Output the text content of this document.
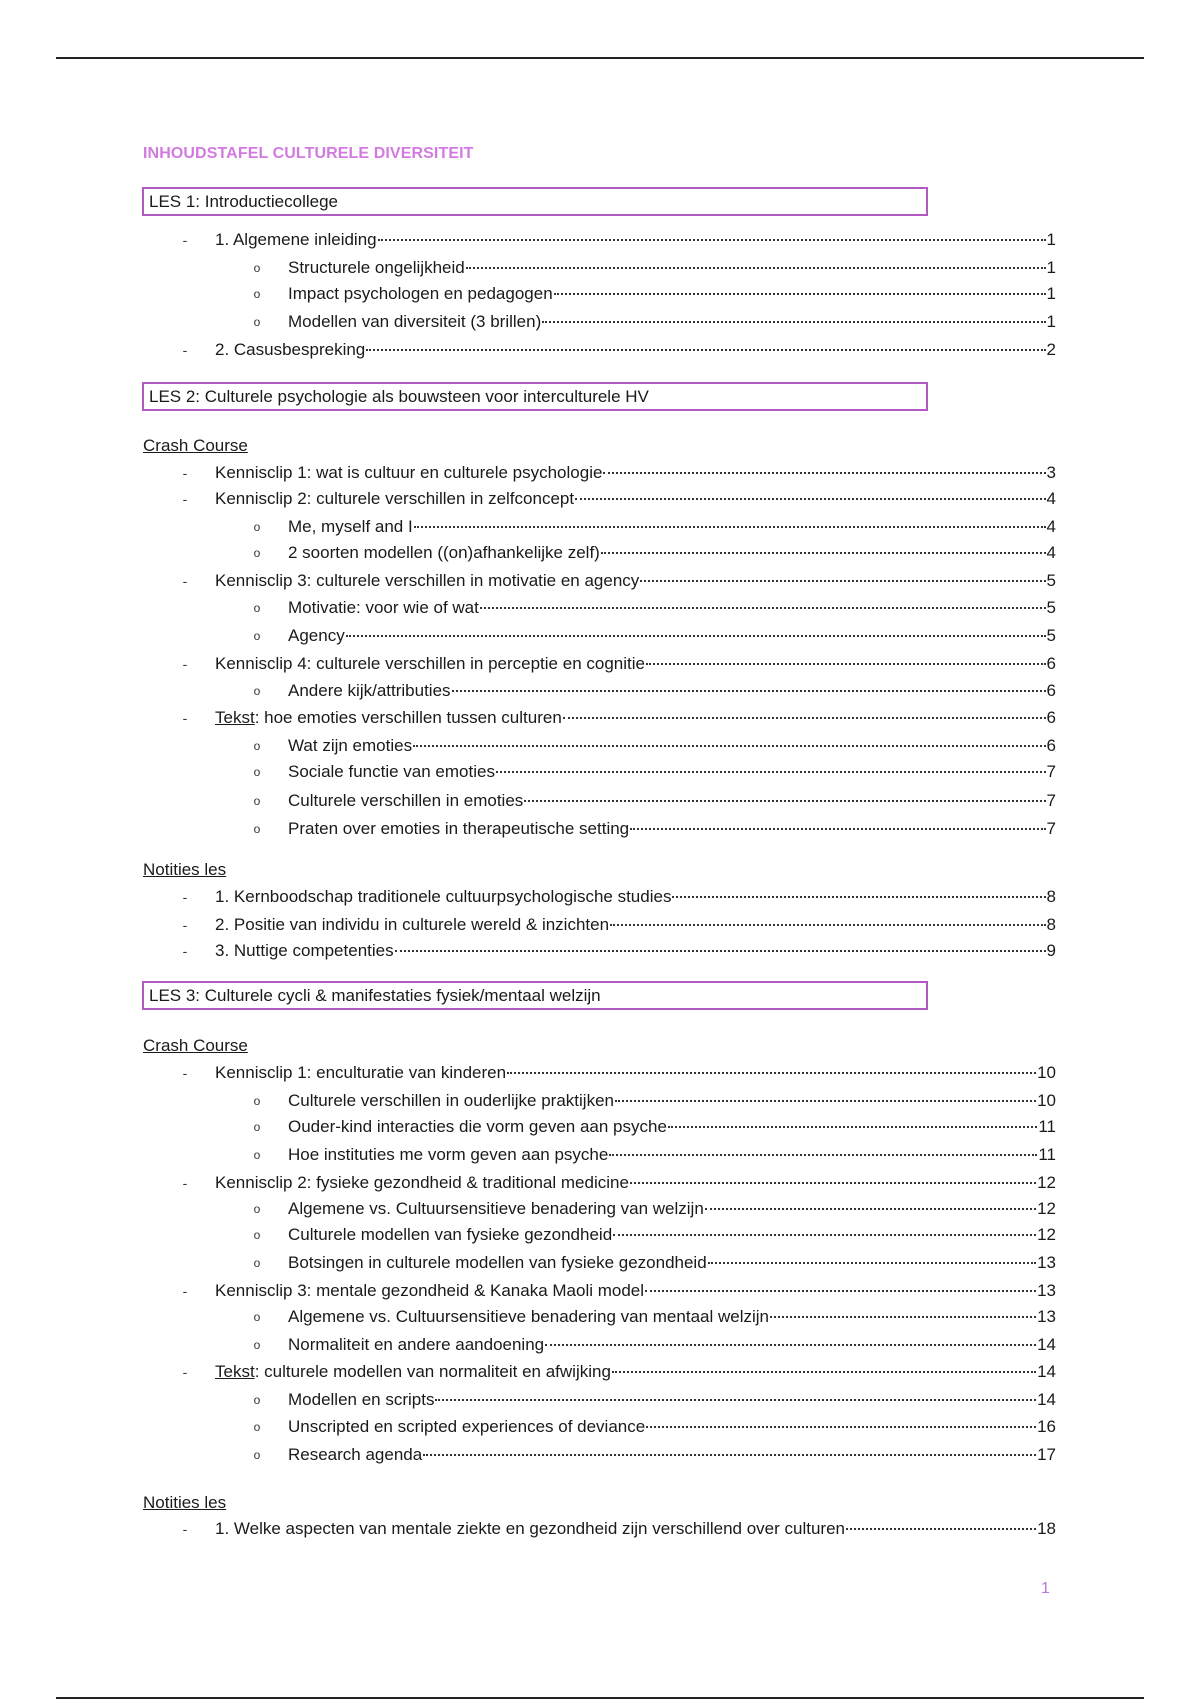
INHOUDSTAFEL CULTURELE DIVERSITEIT
LES 1: Introductiecollege
LES 2: Culturele psychologie als bouwsteen voor interculturele HV
Crash Course
Notities les
LES 3: Culturele cycli & manifestaties fysiek/mentaal welzijn
Crash Course
Notities les
- 1. Algemene inleiding	1
o Structurele ongelijkheid	1
o Impact psychologen en pedagogen	1
o Modellen van diversiteit (3 brillen)	1
- 2. Casusbespreking	2
- Kennisclip 1: wat is cultuur en culturele psychologie	3
- Kennisclip 2: culturele verschillen in zelfconcept	4
o Me, myself and I	4
o 2 soorten modellen ((on)afhankelijke zelf)	4
- Kennisclip 3: culturele verschillen in motivatie en agency	5
o Motivatie: voor wie of wat	5
o Agency	5
- Kennisclip 4: culturele verschillen in perceptie en cognitie	6
o Andere kijk/attributies	6
- Tekst: hoe emoties verschillen tussen culturen	6
o Wat zijn emoties	6
o Sociale functie van emoties	7
o Culturele verschillen in emoties	7
o Praten over emoties in therapeutische setting	7
- 1. Kernboodschap traditionele cultuurpsychologische studies	8
- 2. Positie van individu in culturele wereld & inzichten	8
- 3. Nuttige competenties	9
- Kennisclip 1: enculturatie van kinderen	10
o Culturele verschillen in ouderlijke praktijken	10
o Ouder-kind interacties die vorm geven aan psyche	11
o Hoe instituties me vorm geven aan psyche	11
- Kennisclip 2: fysieke gezondheid & traditional medicine	12
o Algemene vs. Cultuursensitieve benadering van welzijn	12
o Culturele modellen van fysieke gezondheid	12
o Botsingen in culturele modellen van fysieke gezondheid	13
- Kennisclip 3: mentale gezondheid & Kanaka Maoli model	13
o Algemene vs. Cultuursensitieve benadering van mentaal welzijn	13
o Normaliteit en andere aandoening	14
- Tekst: culturele modellen van normaliteit en afwijking	14
o Modellen en scripts	14
o Unscripted en scripted experiences of deviance	16
o Research agenda	17
- 1. Welke aspecten van mentale ziekte en gezondheid zijn verschillend over culturen	18
1
